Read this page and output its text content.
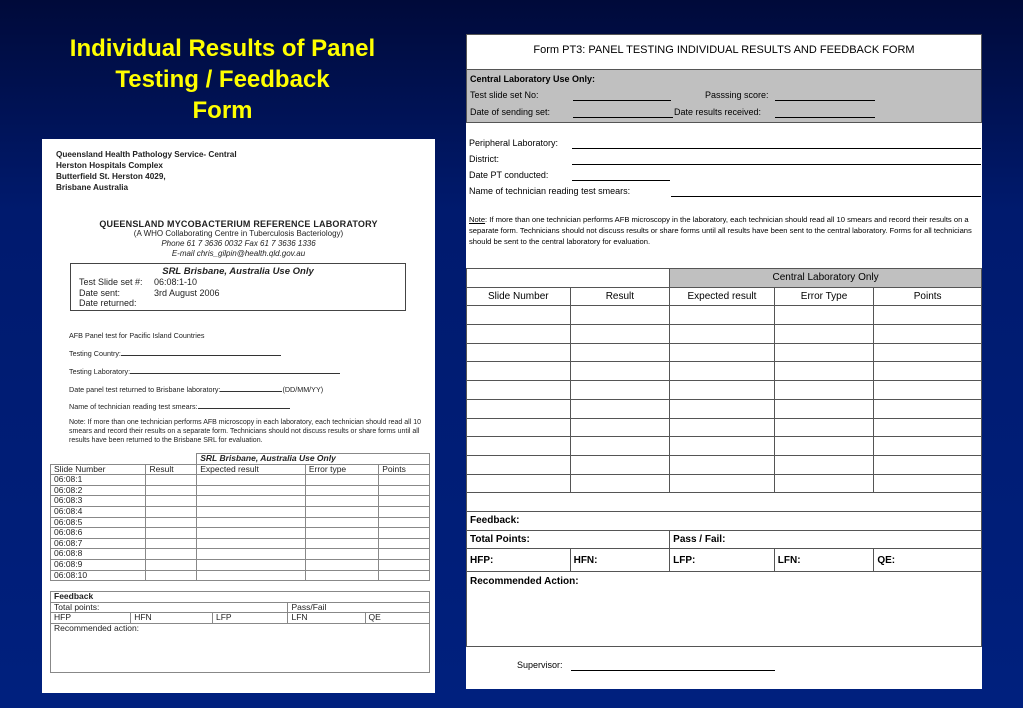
Individual Results of Panel
Testing / Feedback
Form
Queensland Health Pathology Service- Central
Herston Hospitals Complex
Butterfield St. Herston 4029,
Brisbane Australia
QUEENSLAND MYCOBACTERIUM REFERENCE LABORATORY
(A WHO Collaborating Centre in Tuberculosis Bacteriology)
Phone 61 7 3636 0032 Fax 61 7 3636 1336
E-mail chris_gilpin@health.qld.gov.au
SRL Brisbane, Australia Use Only
Test Slide set #: 06:08:1-10
Date sent:	3rd August 2006
Date returned:
AFB Panel test for Pacific Island Countries
Testing Country:
Testing Laboratory:
Date panel test returned to Brisbane laboratory:	(DD/MM/YY)
Name of technician reading test smears:
Note: If more than one technician performs AFB microscopy in each laboratory, each technician should read all 10 smears and record their results on a separate form. Technicians should not discuss results or share forms until all results have been returned to the Brisbane SRL for evaluation.
		SRL Brisbane, Australia Use Only		
Slide Number	Result	Expected result	Error type	Points
06:08:1				
06:08:2				
06:08:3				
06:08:4				
06:08:5				
06:08:6				
06:08:7				
06:08:8				
06:08:9				
06:08:10				
Feedback				
Total points:			Pass/Fail	
HFP	HFN	LFP	LFN	QE
Recommended action:				
Form PT3: PANEL TESTING INDIVIDUAL RESULTS AND FEEDBACK FORM
Central Laboratory Use Only:
Test slide set No:	Passsing score:
Date of sending set:	Date results received:
Peripheral Laboratory:
District:
Date PT conducted:
Name of technician reading test smears:
Note: If more than one technician performs AFB microscopy in the laboratory, each technician should read all 10 smears and record their results on a separate form. Technicians should not discuss results or share forms until all results have been sent to the central laboratory. Forms for all technicians should be sent to the central laboratory for evaluation.
		Central Laboratory Only		
Slide Number	Result	Expected result	Error Type	Points

Feedback:				
Total Points:		Pass / Fail:		
HFP:	HFN:	LFP:	LFN:	QE:
Recommended Action:				
Supervisor:
